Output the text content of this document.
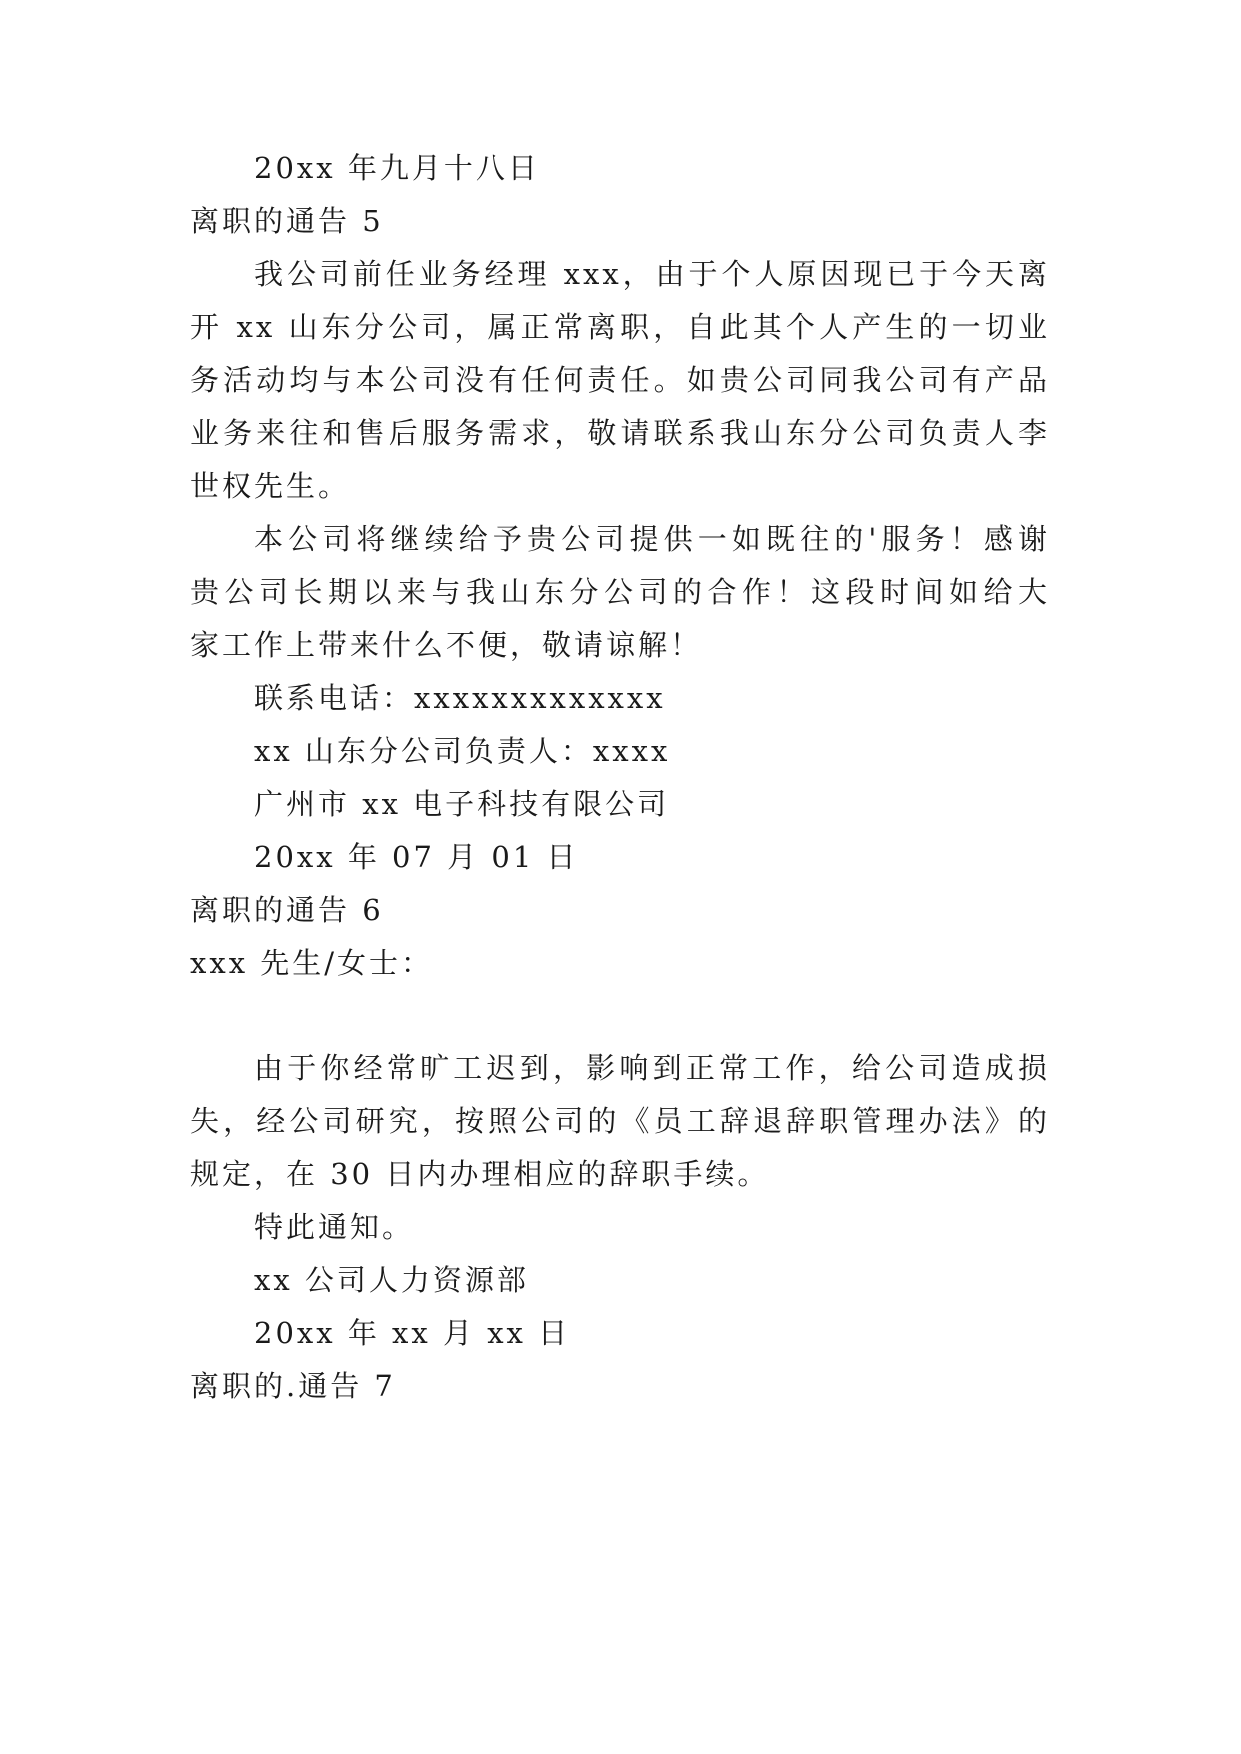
20xx 年九月十八日
离职的通告 5
我公司前任业务经理 xxx，由于个人原因现已于今天离
开 xx 山东分公司，属正常离职，自此其个人产生的一切业
务活动均与本公司没有任何责任。如贵公司同我公司有产品
业务来往和售后服务需求，敬请联系我山东分公司负责人李
世权先生。
本公司将继续给予贵公司提供一如既往的'服务！感谢
贵公司长期以来与我山东分公司的合作！这段时间如给大
家工作上带来什么不便，敬请谅解！
联系电话：xxxxxxxxxxxxx
xx 山东分公司负责人：xxxx
广州市 xx 电子科技有限公司
20xx 年 07 月 01 日
离职的通告 6
xxx 先生/女士：
由于你经常旷工迟到，影响到正常工作，给公司造成损
失，经公司研究，按照公司的《员工辞退辞职管理办法》的
规定，在 30 日内办理相应的辞职手续。
特此通知。
xx 公司人力资源部
20xx 年 xx 月 xx 日
离职的.通告 7
